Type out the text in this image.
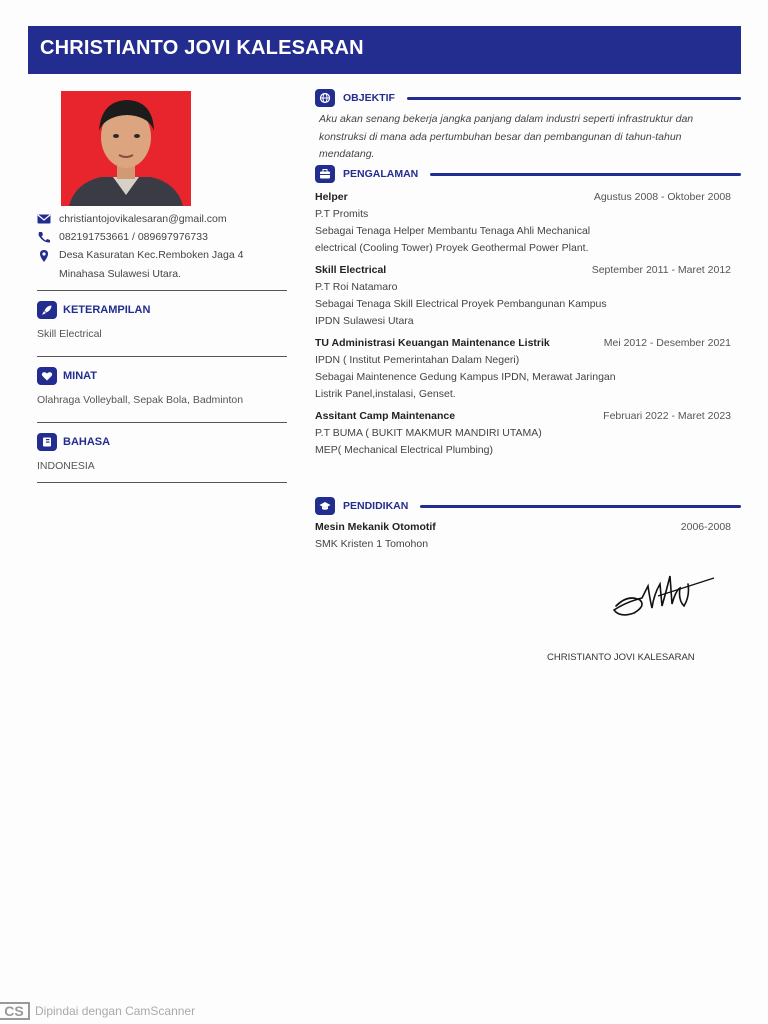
CHRISTIANTO JOVI KALESARAN
christiantojovikalesaran@gmail.com
082191753661 / 089697976733
Desa Kasuratan Kec.Remboken Jaga 4 Minahasa Sulawesi Utara.
KETERAMPILAN
Skill Electrical
MINAT
Olahraga Volleyball, Sepak Bola, Badminton
BAHASA
INDONESIA
OBJEKTIF
Aku akan senang bekerja jangka panjang dalam industri seperti infrastruktur dan konstruksi di mana ada pertumbuhan besar dan pembangunan di tahun-tahun mendatang.
PENGALAMAN
Helper	Agustus 2008 - Oktober 2008
P.T Promits
Sebagai Tenaga Helper Membantu Tenaga Ahli Mechanical
electrical (Cooling Tower) Proyek Geothermal Power Plant.
Skill Electrical	September 2011 - Maret 2012
P.T Roi Natamaro
Sebagai Tenaga Skill Electrical Proyek Pembangunan Kampus
IPDN Sulawesi Utara
TU Administrasi Keuangan Maintenance Listrik	Mei 2012 - Desember 2021
IPDN ( Institut Pemerintahan Dalam Negeri)
Sebagai Maintenence Gedung Kampus IPDN, Merawat Jaringan
Listrik Panel,instalasi, Genset.
Assitant Camp Maintenance	Februari 2022 - Maret 2023
P.T BUMA ( BUKIT MAKMUR MANDIRI UTAMA)
MEP( Mechanical Electrical Plumbing)
PENDIDIKAN
Mesin Mekanik Otomotif	2006-2008
SMK Kristen 1 Tomohon
CHRISTIANTO JOVI KALESARAN
CS Dipindai dengan CamScanner
